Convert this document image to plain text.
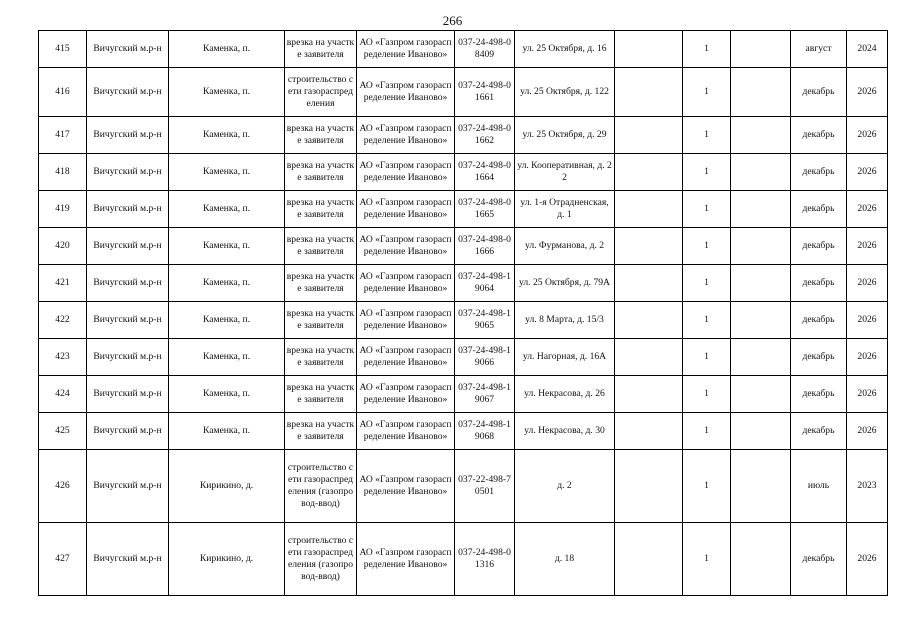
266
415	Вичугский м.р-н	Каменка, п.	врезка на участке заявителя	АО «Газпром газораспределение Иваново»	037-24-498-08409	ул. 25 Октября, д. 16		1		август	2024
416	Вичугский м.р-н	Каменка, п.	строительство сети газораспределения	АО «Газпром газораспределение Иваново»	037-24-498-01661	ул. 25 Октября, д. 122		1		декабрь	2026
417	Вичугский м.р-н	Каменка, п.	врезка на участке заявителя	АО «Газпром газораспределение Иваново»	037-24-498-01662	ул. 25 Октября, д. 29		1		декабрь	2026
418	Вичугский м.р-н	Каменка, п.	врезка на участке заявителя	АО «Газпром газораспределение Иваново»	037-24-498-01664	ул. Кооперативная, д. 22		1		декабрь	2026
419	Вичугский м.р-н	Каменка, п.	врезка на участке заявителя	АО «Газпром газораспределение Иваново»	037-24-498-01665	ул. 1-я Отрадненская, д. 1		1		декабрь	2026
420	Вичугский м.р-н	Каменка, п.	врезка на участке заявителя	АО «Газпром газораспределение Иваново»	037-24-498-01666	ул. Фурманова, д. 2		1		декабрь	2026
421	Вичугский м.р-н	Каменка, п.	врезка на участке заявителя	АО «Газпром газораспределение Иваново»	037-24-498-19064	ул. 25 Октября, д. 79А		1		декабрь	2026
422	Вичугский м.р-н	Каменка, п.	врезка на участке заявителя	АО «Газпром газораспределение Иваново»	037-24-498-19065	ул. 8 Марта, д. 15/3		1		декабрь	2026
423	Вичугский м.р-н	Каменка, п.	врезка на участке заявителя	АО «Газпром газораспределение Иваново»	037-24-498-19066	ул. Нагорная, д. 16А		1		декабрь	2026
424	Вичугский м.р-н	Каменка, п.	врезка на участке заявителя	АО «Газпром газораспределение Иваново»	037-24-498-19067	ул. Некрасова, д. 26		1		декабрь	2026
425	Вичугский м.р-н	Каменка, п.	врезка на участке заявителя	АО «Газпром газораспределение Иваново»	037-24-498-19068	ул. Некрасова, д. 30		1		декабрь	2026
426	Вичугский м.р-н	Кирикино, д.	строительство сети газораспределения (газопровод-ввод)	АО «Газпром газораспределение Иваново»	037-22-498-70501	д. 2		1		июль	2023
427	Вичугский м.р-н	Кирикино, д.	строительство сети газораспределения (газопровод-ввод)	АО «Газпром газораспределение Иваново»	037-24-498-01316	д. 18		1		декабрь	2026
